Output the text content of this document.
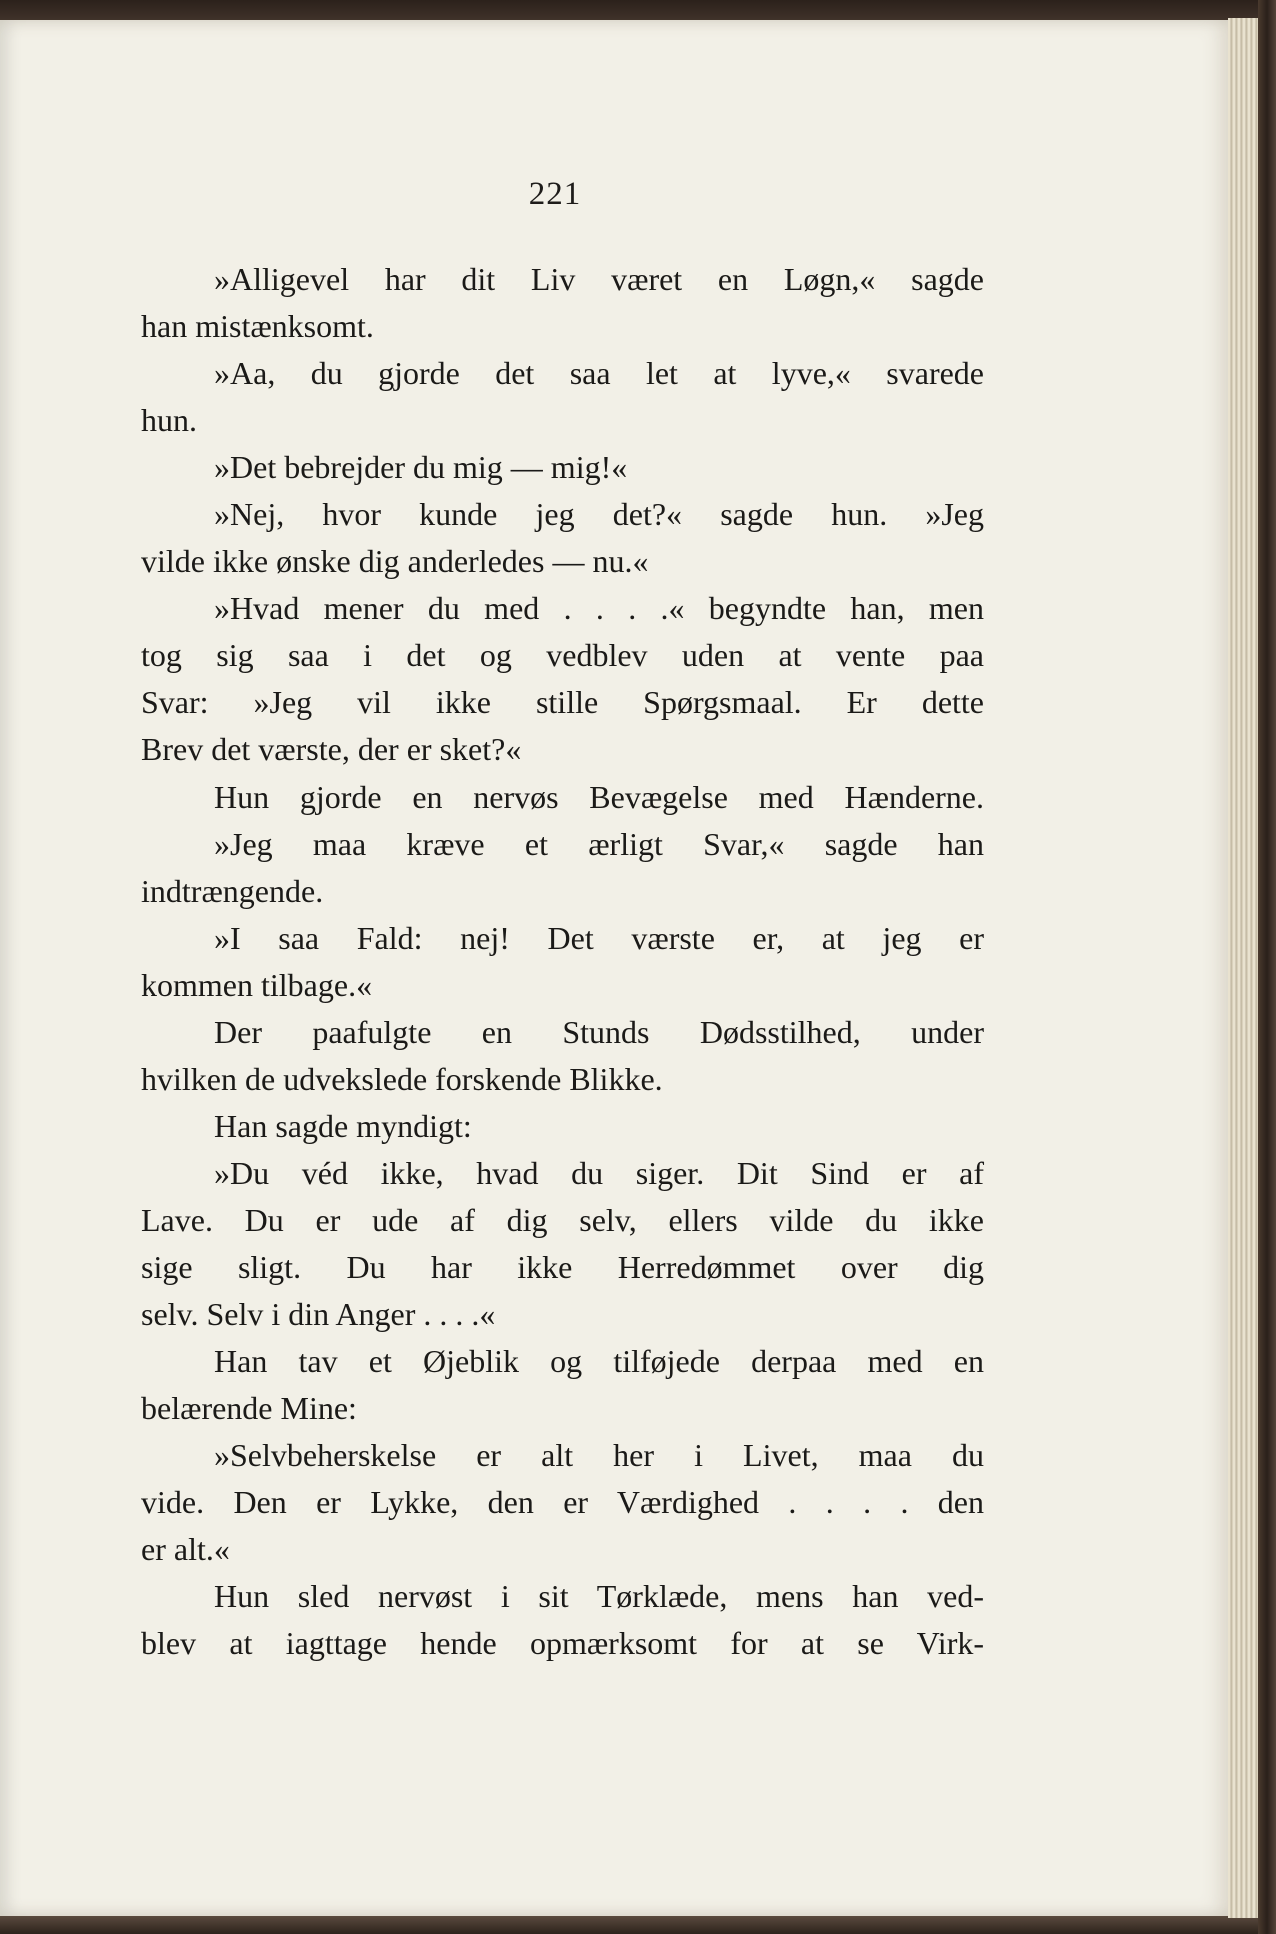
221
»Alligevel har dit Liv været en Løgn,« sagde
han mistænksomt.
»Aa, du gjorde det saa let at lyve,« svarede
hun.
»Det bebrejder du mig — mig!«
»Nej, hvor kunde jeg det?« sagde hun. »Jeg
vilde ikke ønske dig anderledes — nu.«
»Hvad mener du med . . . .« begyndte han, men
tog sig saa i det og vedblev uden at vente paa
Svar: »Jeg vil ikke stille Spørgsmaal. Er dette
Brev det værste, der er sket?«
Hun gjorde en nervøs Bevægelse med Hænderne.
»Jeg maa kræve et ærligt Svar,« sagde han
indtrængende.
»I saa Fald: nej! Det værste er, at jeg er
kommen tilbage.«
Der paafulgte en Stunds Dødsstilhed, under
hvilken de udvekslede forskende Blikke.
Han sagde myndigt:
»Du véd ikke, hvad du siger. Dit Sind er af
Lave. Du er ude af dig selv, ellers vilde du ikke
sige sligt. Du har ikke Herredømmet over dig
selv. Selv i din Anger . . . .«
Han tav et Øjeblik og tilføjede derpaa med en
belærende Mine:
»Selvbeherskelse er alt her i Livet, maa du
vide. Den er Lykke, den er Værdighed . . . . den
er alt.«
Hun sled nervøst i sit Tørklæde, mens han ved-
blev at iagttage hende opmærksomt for at se Virk-
